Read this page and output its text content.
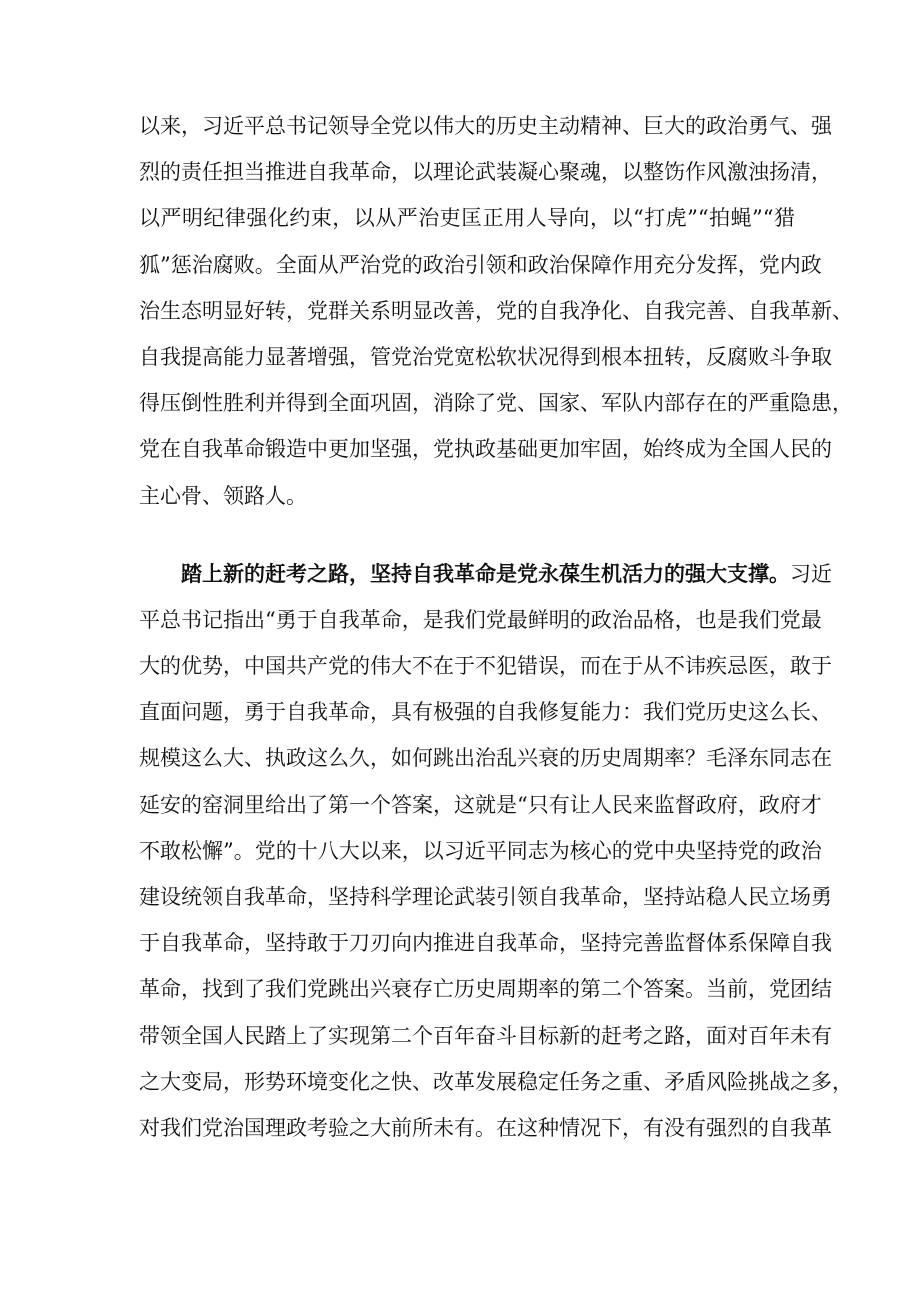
以来，习近平总书记领导全党以伟大的历史主动精神、巨大的政治勇气、强
烈的责任担当推进自我革命，以理论武装凝心聚魂，以整饬作风激浊扬清，
以严明纪律强化约束，以从严治吏匡正用人导向，以“打虎”“拍蝇”“猎
狐”惩治腐败。全面从严治党的政治引领和政治保障作用充分发挥，党内政
治生态明显好转，党群关系明显改善，党的自我净化、自我完善、自我革新、
自我提高能力显著增强，管党治党宽松软状况得到根本扭转，反腐败斗争取
得压倒性胜利并得到全面巩固，消除了党、国家、军队内部存在的严重隐患，
党在自我革命锻造中更加坚强，党执政基础更加牢固，始终成为全国人民的
主心骨、领路人。
踏上新的赶考之路，坚持自我革命是党永葆生机活力的强大支撑。习近
平总书记指出“勇于自我革命，是我们党最鲜明的政治品格，也是我们党最
大的优势，中国共产党的伟大不在于不犯错误，而在于从不讳疾忌医，敢于
直面问题，勇于自我革命，具有极强的自我修复能力：我们党历史这么长、
规模这么大、执政这么久，如何跳出治乱兴衰的历史周期率？毛泽东同志在
延安的窑洞里给出了第一个答案，这就是“只有让人民来监督政府，政府才
不敢松懈”。党的十八大以来，以习近平同志为核心的党中央坚持党的政治
建设统领自我革命，坚持科学理论武装引领自我革命，坚持站稳人民立场勇
于自我革命，坚持敢于刀刃向内推进自我革命，坚持完善监督体系保障自我
革命，找到了我们党跳出兴衰存亡历史周期率的第二个答案。当前，党团结
带领全国人民踏上了实现第二个百年奋斗目标新的赶考之路，面对百年未有
之大变局，形势环境变化之快、改革发展稳定任务之重、矛盾风险挑战之多，
对我们党治国理政考验之大前所未有。在这种情况下，有没有强烈的自我革
